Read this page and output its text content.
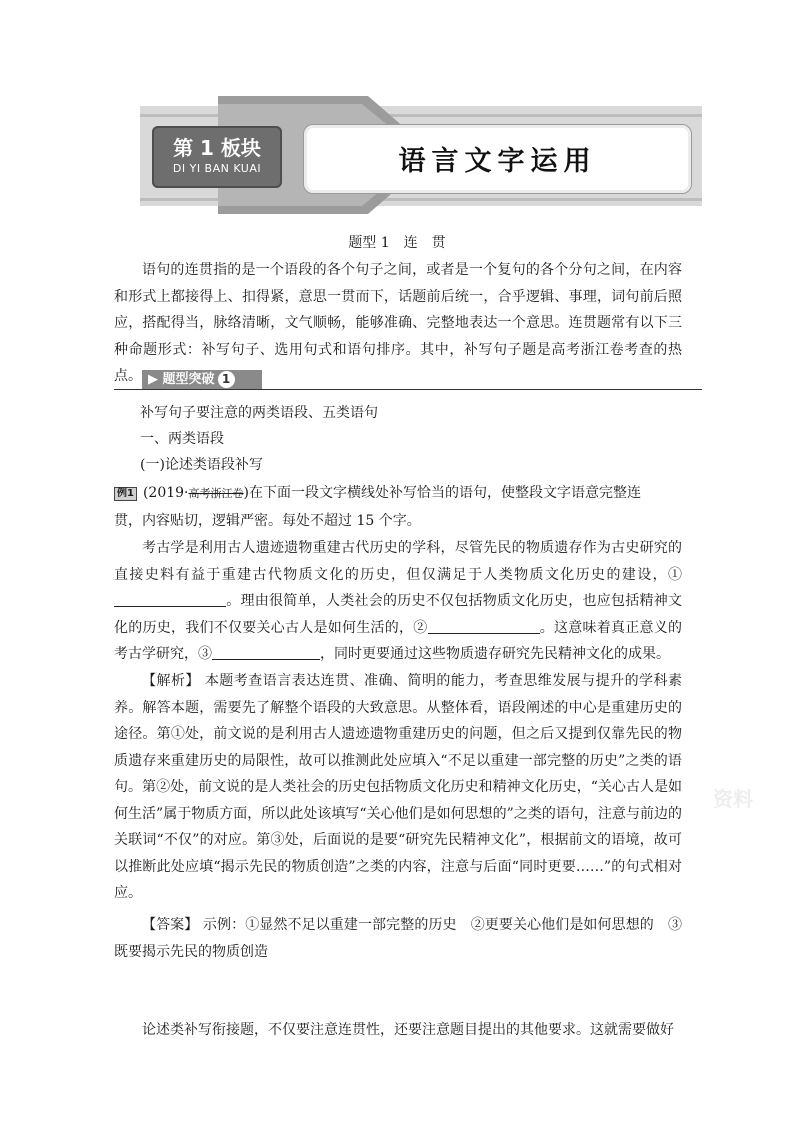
第 1 板块
DI YI BAN KUAI	语言文字运用
题型 1　连　贯

语句的连贯指的是一个语段的各个句子之间，或者是一个复句的各个分句之间，在内容和形式上都接得上、扣得紧，意思一贯而下，话题前后统一，合乎逻辑、事理，词句前后照应，搭配得当，脉络清晰，文气顺畅，能够准确、完整地表达一个意思。连贯题常有以下三种命题形式：补写句子、选用句式和语句排序。其中，补写句子题是高考浙江卷考查的热点。 ▶ 题型突破 1
补写句子要注意的两类语段、五类语句
一、两类语段
(一)论述类语段补写

例1 (2019·高考浙江卷)在下面一段文字横线处补写恰当的语句，使整段文字语意完整连

贯，内容贴切，逻辑严密。每处不超过 15 个字。

考古学是利用古人遗迹遗物重建古代历史的学科，尽管先民的物质遗存作为古史研究的直接史料有益于重建古代物质文化的历史，但仅满足于人类物质文化历史的建设，①。理由很简单，人类社会的历史不仅包括物质文化历史，也应包括精神文化的历史，我们不仅要关心古人是如何生活的，②	。这意味着真正意义的考古学研究，③	，同时更要通过这些物质遗存研究先民精神文化的成果。

【解析】 本题考查语言表达连贯、准确、简明的能力，考查思维发展与提升的学科素养。解答本题，需要先了解整个语段的大致意思。从整体看，语段阐述的中心是重建历史的途径。第①处，前文说的是利用古人遗迹遗物重建历史的问题，但之后又提到仅靠先民的物质遗存来重建历史的局限性，故可以推测此处应填入“不足以重建一部完整的历史”之类的语句。第②处，前文说的是人类社会的历史包括物质文化历史和精神文化历史，“关心古人是如何生活”属于物质方面，所以此处该填写“关心他们是如何思想的”之类的语句，注意与前边的关联词“不仅”的对应。第③处，后面说的是要“研究先民精神文化”，根据前文的语境，故可以推断此处应填“揭示先民的物质创造”之类的内容，注意与后面“同时更要……”的句式相对应。

【答案】 示例：①显然不足以重建一部完整的历史　②更要关心他们是如何思想的　③既要揭示先民的物质创造

论述类补写衔接题，不仅要注意连贯性，还要注意题目提出的其他要求。这就需要做好

资料
